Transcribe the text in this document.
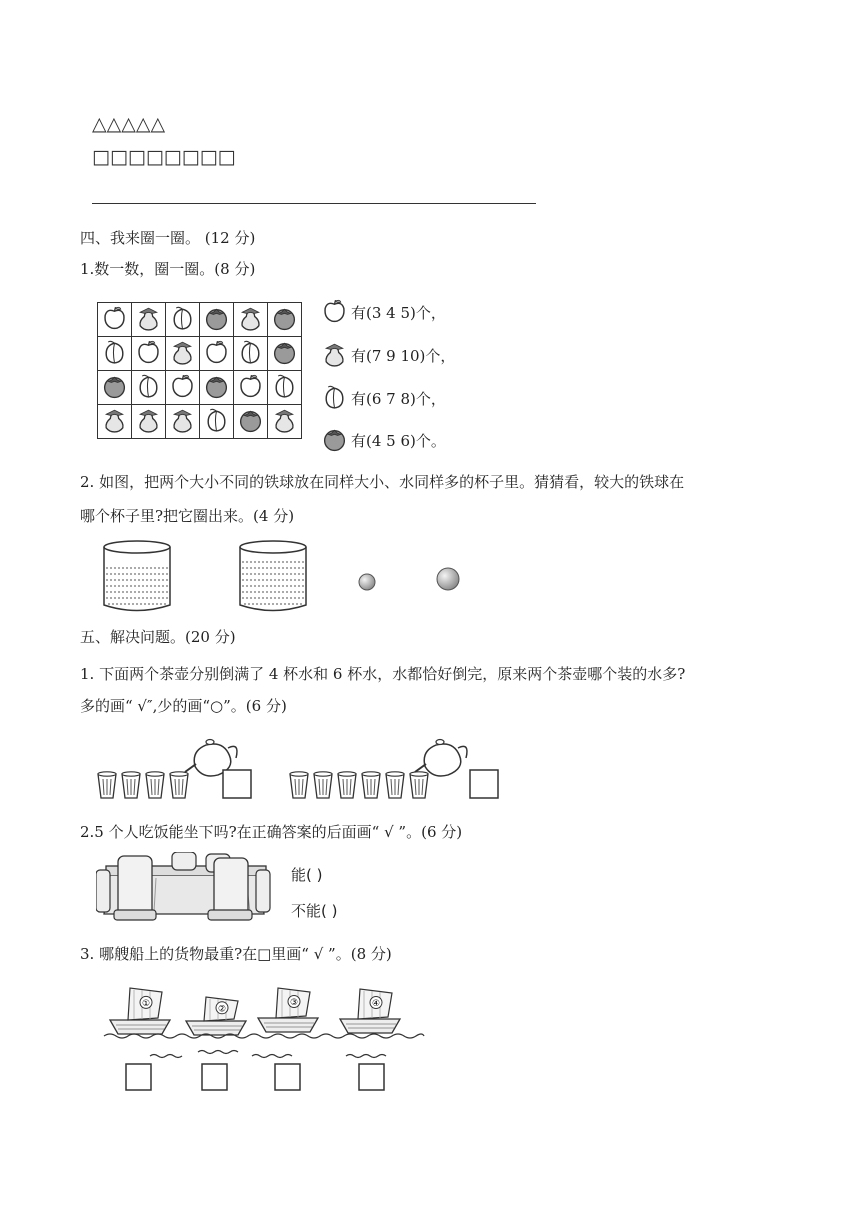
△△△△△
□□□□□□□□
四、我来圈一圈。 (12 分)
1.数一数，圈一圈。(8 分)

有(3 4 5)个，
有(7 9 10)个，
有(6 7 8)个，
有(4 5 6)个。
2. 如图，把两个大小不同的铁球放在同样大小、水同样多的杯子里。猜猜看，较大的铁球在
哪个杯子里?把它圈出来。(4 分)
五、解决问题。(20 分)
1. 下面两个茶壶分别倒满了 4 杯水和 6 杯水，水都恰好倒完，原来两个茶壶哪个装的水多?
多的画“ √″,少的画“○”。(6 分)
2.5 个人吃饭能坐下吗?在正确答案的后面画“ √ ”。(6 分)
能( )
不能( )
3. 哪艘船上的货物最重?在□里画“ √ ”。(8 分)
①
②
③	④
